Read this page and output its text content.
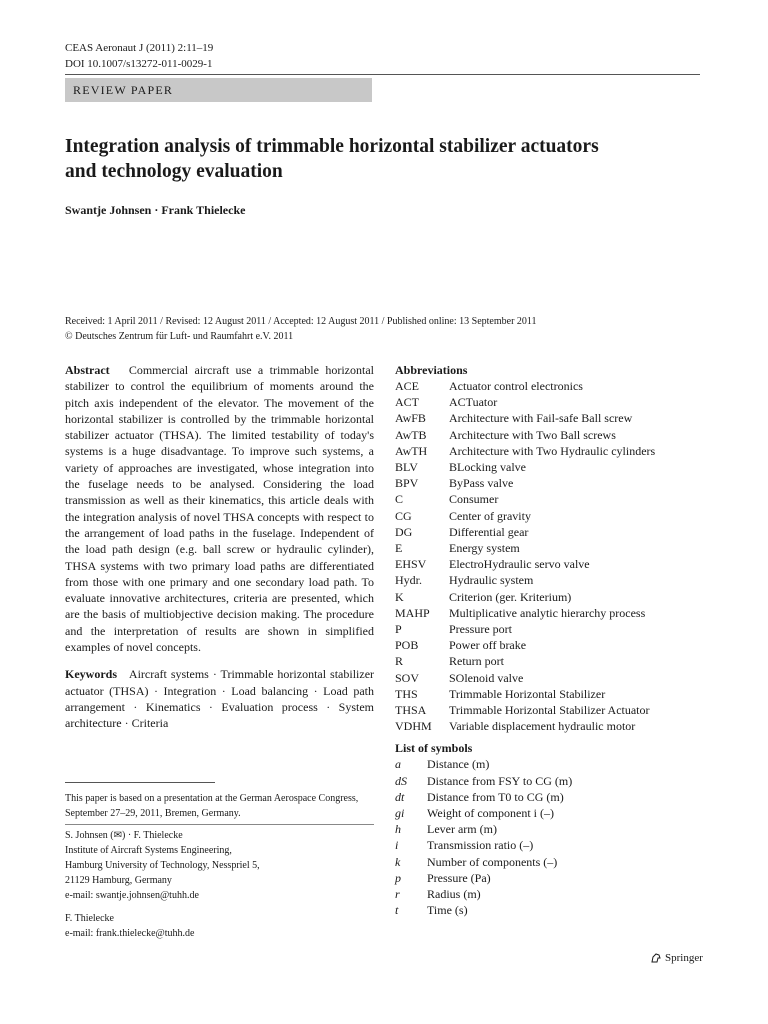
CEAS Aeronaut J (2011) 2:11–19
DOI 10.1007/s13272-011-0029-1
REVIEW PAPER
Integration analysis of trimmable horizontal stabilizer actuators
and technology evaluation
Swantje Johnsen · Frank Thielecke
Received: 1 April 2011 / Revised: 12 August 2011 / Accepted: 12 August 2011 / Published online: 13 September 2011
© Deutsches Zentrum für Luft- und Raumfahrt e.V. 2011

Abstract Commercial aircraft use a trimmable horizontal stabilizer to control the equilibrium of moments around the pitch axis independent of the elevator. The movement of the horizontal stabilizer is controlled by the trimmable horizontal stabilizer actuator (THSA). The limited testability of today's systems is a huge disadvantage. To improve such systems, a variety of approaches are investigated, whose integration into the fuselage needs to be analysed. Considering the load transmission as well as their kinematics, this article deals with the integration analysis of novel THSA concepts with respect to the arrangement of load paths in the fuselage. Independent of the load path design (e.g. ball screw or hydraulic cylinder), THSA systems with two primary load paths are differentiated from those with one primary and one secondary load path. To evaluate innovative architectures, criteria are presented, which are the basis of multiobjective decision making. The procedure and the interpretation of results are shown in simplified examples of novel concepts.

Keywords Aircraft systems · Trimmable horizontal stabilizer actuator (THSA) · Integration · Load balancing · Load path arrangement · Kinematics · Evaluation process · System architecture · Criteria

This paper is based on a presentation at the German Aerospace Congress, September 27–29, 2011, Bremen, Germany.
S. Johnsen (✉) · F. Thielecke
Institute of Aircraft Systems Engineering,
Hamburg University of Technology, Nesspriel 5,
21129 Hamburg, Germany
e-mail: swantje.johnsen@tuhh.de
F. Thielecke
e-mail: frank.thielecke@tuhh.de
Abbreviations
ACE	Actuator control electronics
ACT	ACTuator
AwFB	Architecture with Fail-safe Ball screw
AwTB	Architecture with Two Ball screws
AwTH	Architecture with Two Hydraulic cylinders
BLV	BLocking valve
BPV	ByPass valve
C	Consumer
CG	Center of gravity
DG	Differential gear
E	Energy system
EHSV	ElectroHydraulic servo valve
Hydr.	Hydraulic system
K	Criterion (ger. Kriterium)
MAHP	Multiplicative analytic hierarchy process
P	Pressure port
POB	Power off brake
R	Return port
SOV	SOlenoid valve
THS	Trimmable Horizontal Stabilizer
THSA	Trimmable Horizontal Stabilizer Actuator
VDHM	Variable displacement hydraulic motor
List of symbols
a	Distance (m)
dS	Distance from FSY to CG (m)
dt	Distance from T0 to CG (m)
gi	Weight of component i (–)
h	Lever arm (m)
i	Transmission ratio (–)
k	Number of components (–)
p	Pressure (Pa)
r	Radius (m)
t	Time (s)
Springer
